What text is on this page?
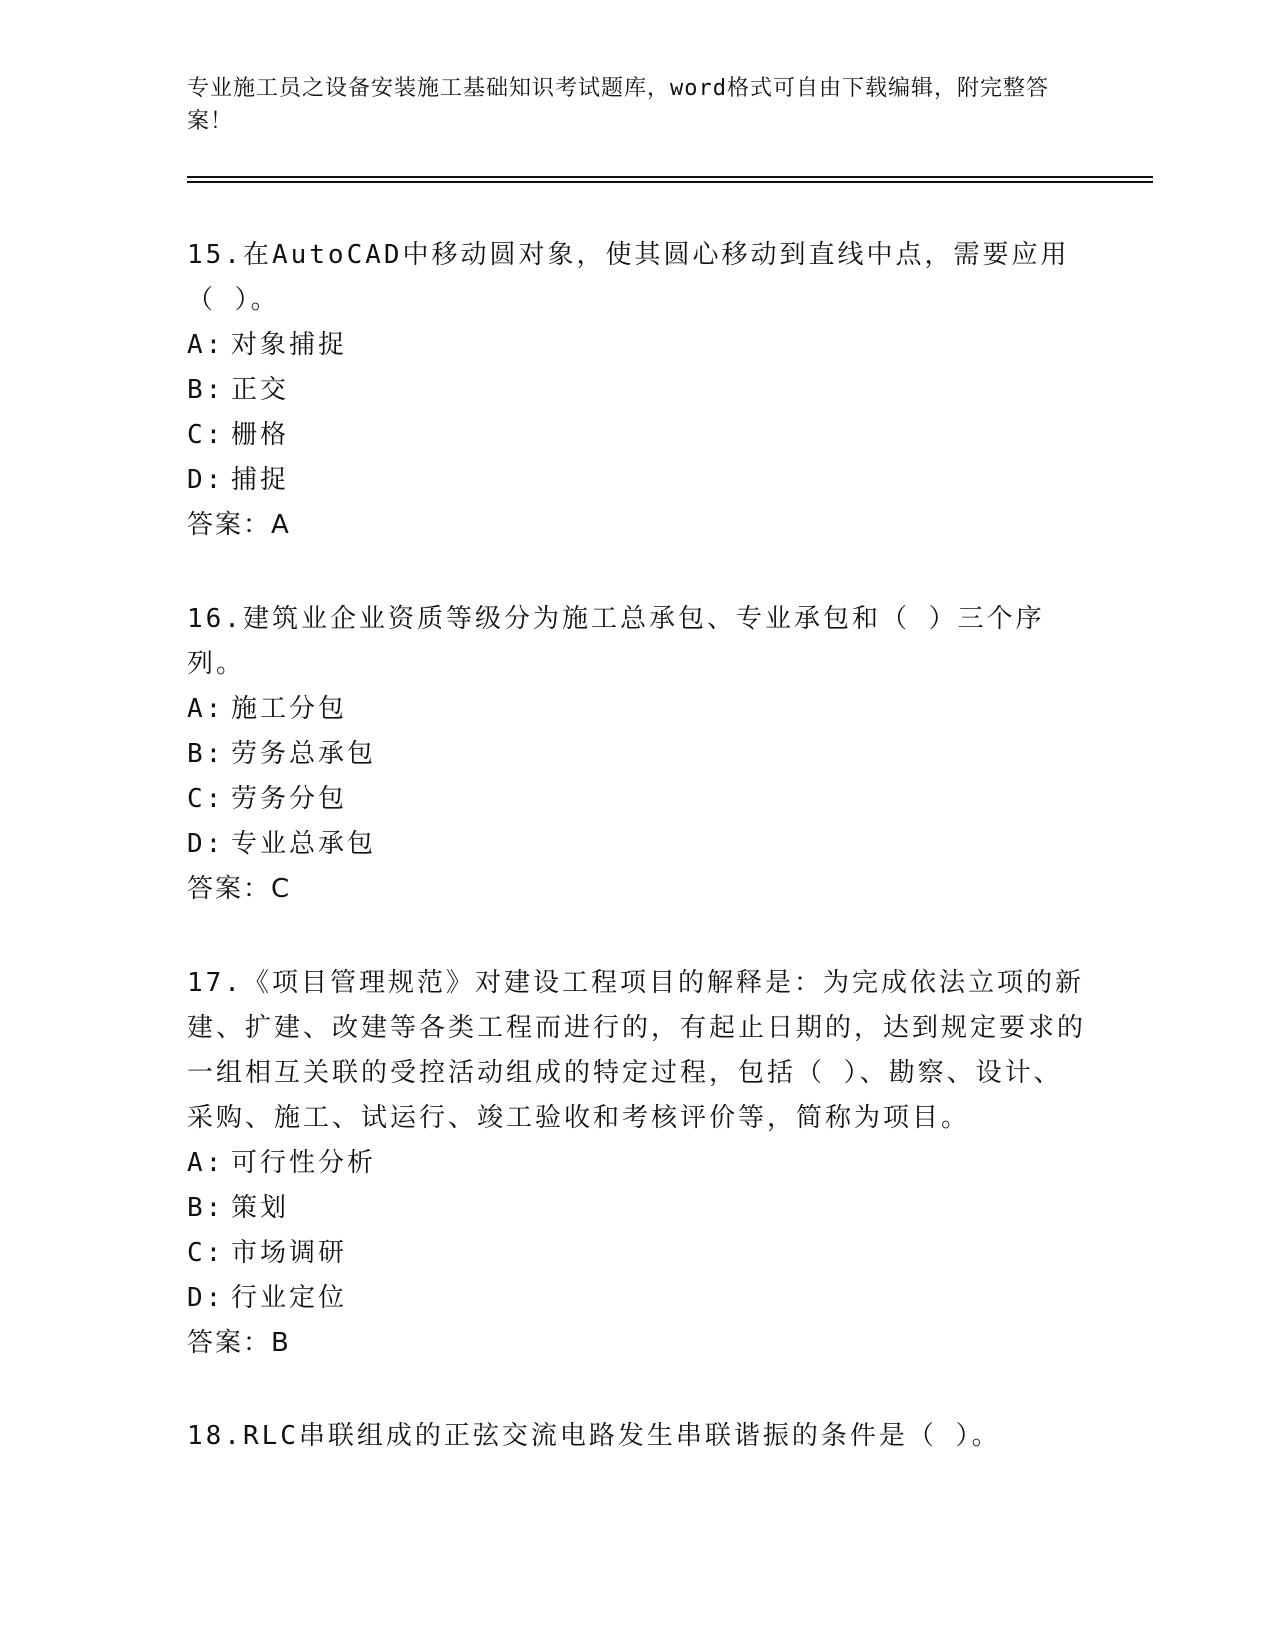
专业施工员之设备安装施工基础知识考试题库，word格式可自由下载编辑，附完整答案！

15.在AutoCAD中移动圆对象，使其圆心移动到直线中点，需要应用（ ）。

A: 对象捕捉
B: 正交
C: 栅格
D: 捕捉
答案：A

16.建筑业企业资质等级分为施工总承包、专业承包和（ ）三个序列。

A: 施工分包
B: 劳务总承包
C: 劳务分包
D: 专业总承包
答案：C

17.《项目管理规范》对建设工程项目的解释是：为完成依法立项的新建、扩建、改建等各类工程而进行的，有起止日期的，达到规定要求的一组相互关联的受控活动组成的特定过程，包括（ ）、勘察、设计、采购、施工、试运行、竣工验收和考核评价等，简称为项目。

A: 可行性分析
B: 策划
C: 市场调研
D: 行业定位
答案：B

18.RLC串联组成的正弦交流电路发生串联谐振的条件是（ ）。
